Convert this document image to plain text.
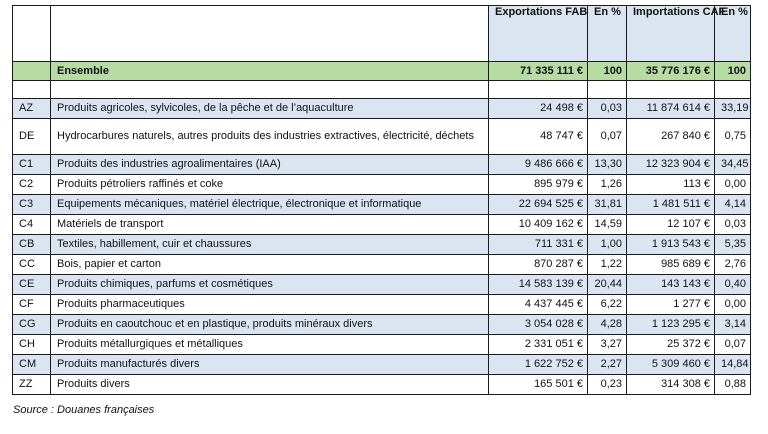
		Exportations FAB	En %	Importations CAF	En %
	Ensemble	71 335 111 €	100	35 776 176 €	100

AZ	Produits agricoles, sylvicoles, de la pêche et de l’aquaculture	24 498 €	0,03	11 874 614 €	33,19
DE	Hydrocarbures naturels, autres produits des industries extractives, électricité, déchets	48 747 €	0,07	267 840 €	0,75
C1	Produits des industries agroalimentaires (IAA)	9 486 666 €	13,30	12 323 904 €	34,45
C2	Produits pétroliers raffinés et coke	895 979 €	1,26	113 €	0,00
C3	Equipements mécaniques, matériel électrique, électronique et informatique	22 694 525 €	31,81	1 481 511 €	4,14
C4	Matériels de transport	10 409 162 €	14,59	12 107 €	0,03
CB	Textiles, habillement, cuir et chaussures	711 331 €	1,00	1 913 543 €	5,35
CC	Bois, papier et carton	870 287 €	1,22	985 689 €	2,76
CE	Produits chimiques, parfums et cosmétiques	14 583 139 €	20,44	143 143 €	0,40
CF	Produits pharmaceutiques	4 437 445 €	6,22	1 277 €	0,00
CG	Produits en caoutchouc et en plastique, produits minéraux divers	3 054 028 €	4,28	1 123 295 €	3,14
CH	Produits métallurgiques et métalliques	2 331 051 €	3,27	25 372 €	0,07
CM	Produits manufacturés divers	1 622 752 €	2,27	5 309 460 €	14,84
ZZ	Produits divers	165 501 €	0,23	314 308 €	0,88
Source : Douanes françaises
